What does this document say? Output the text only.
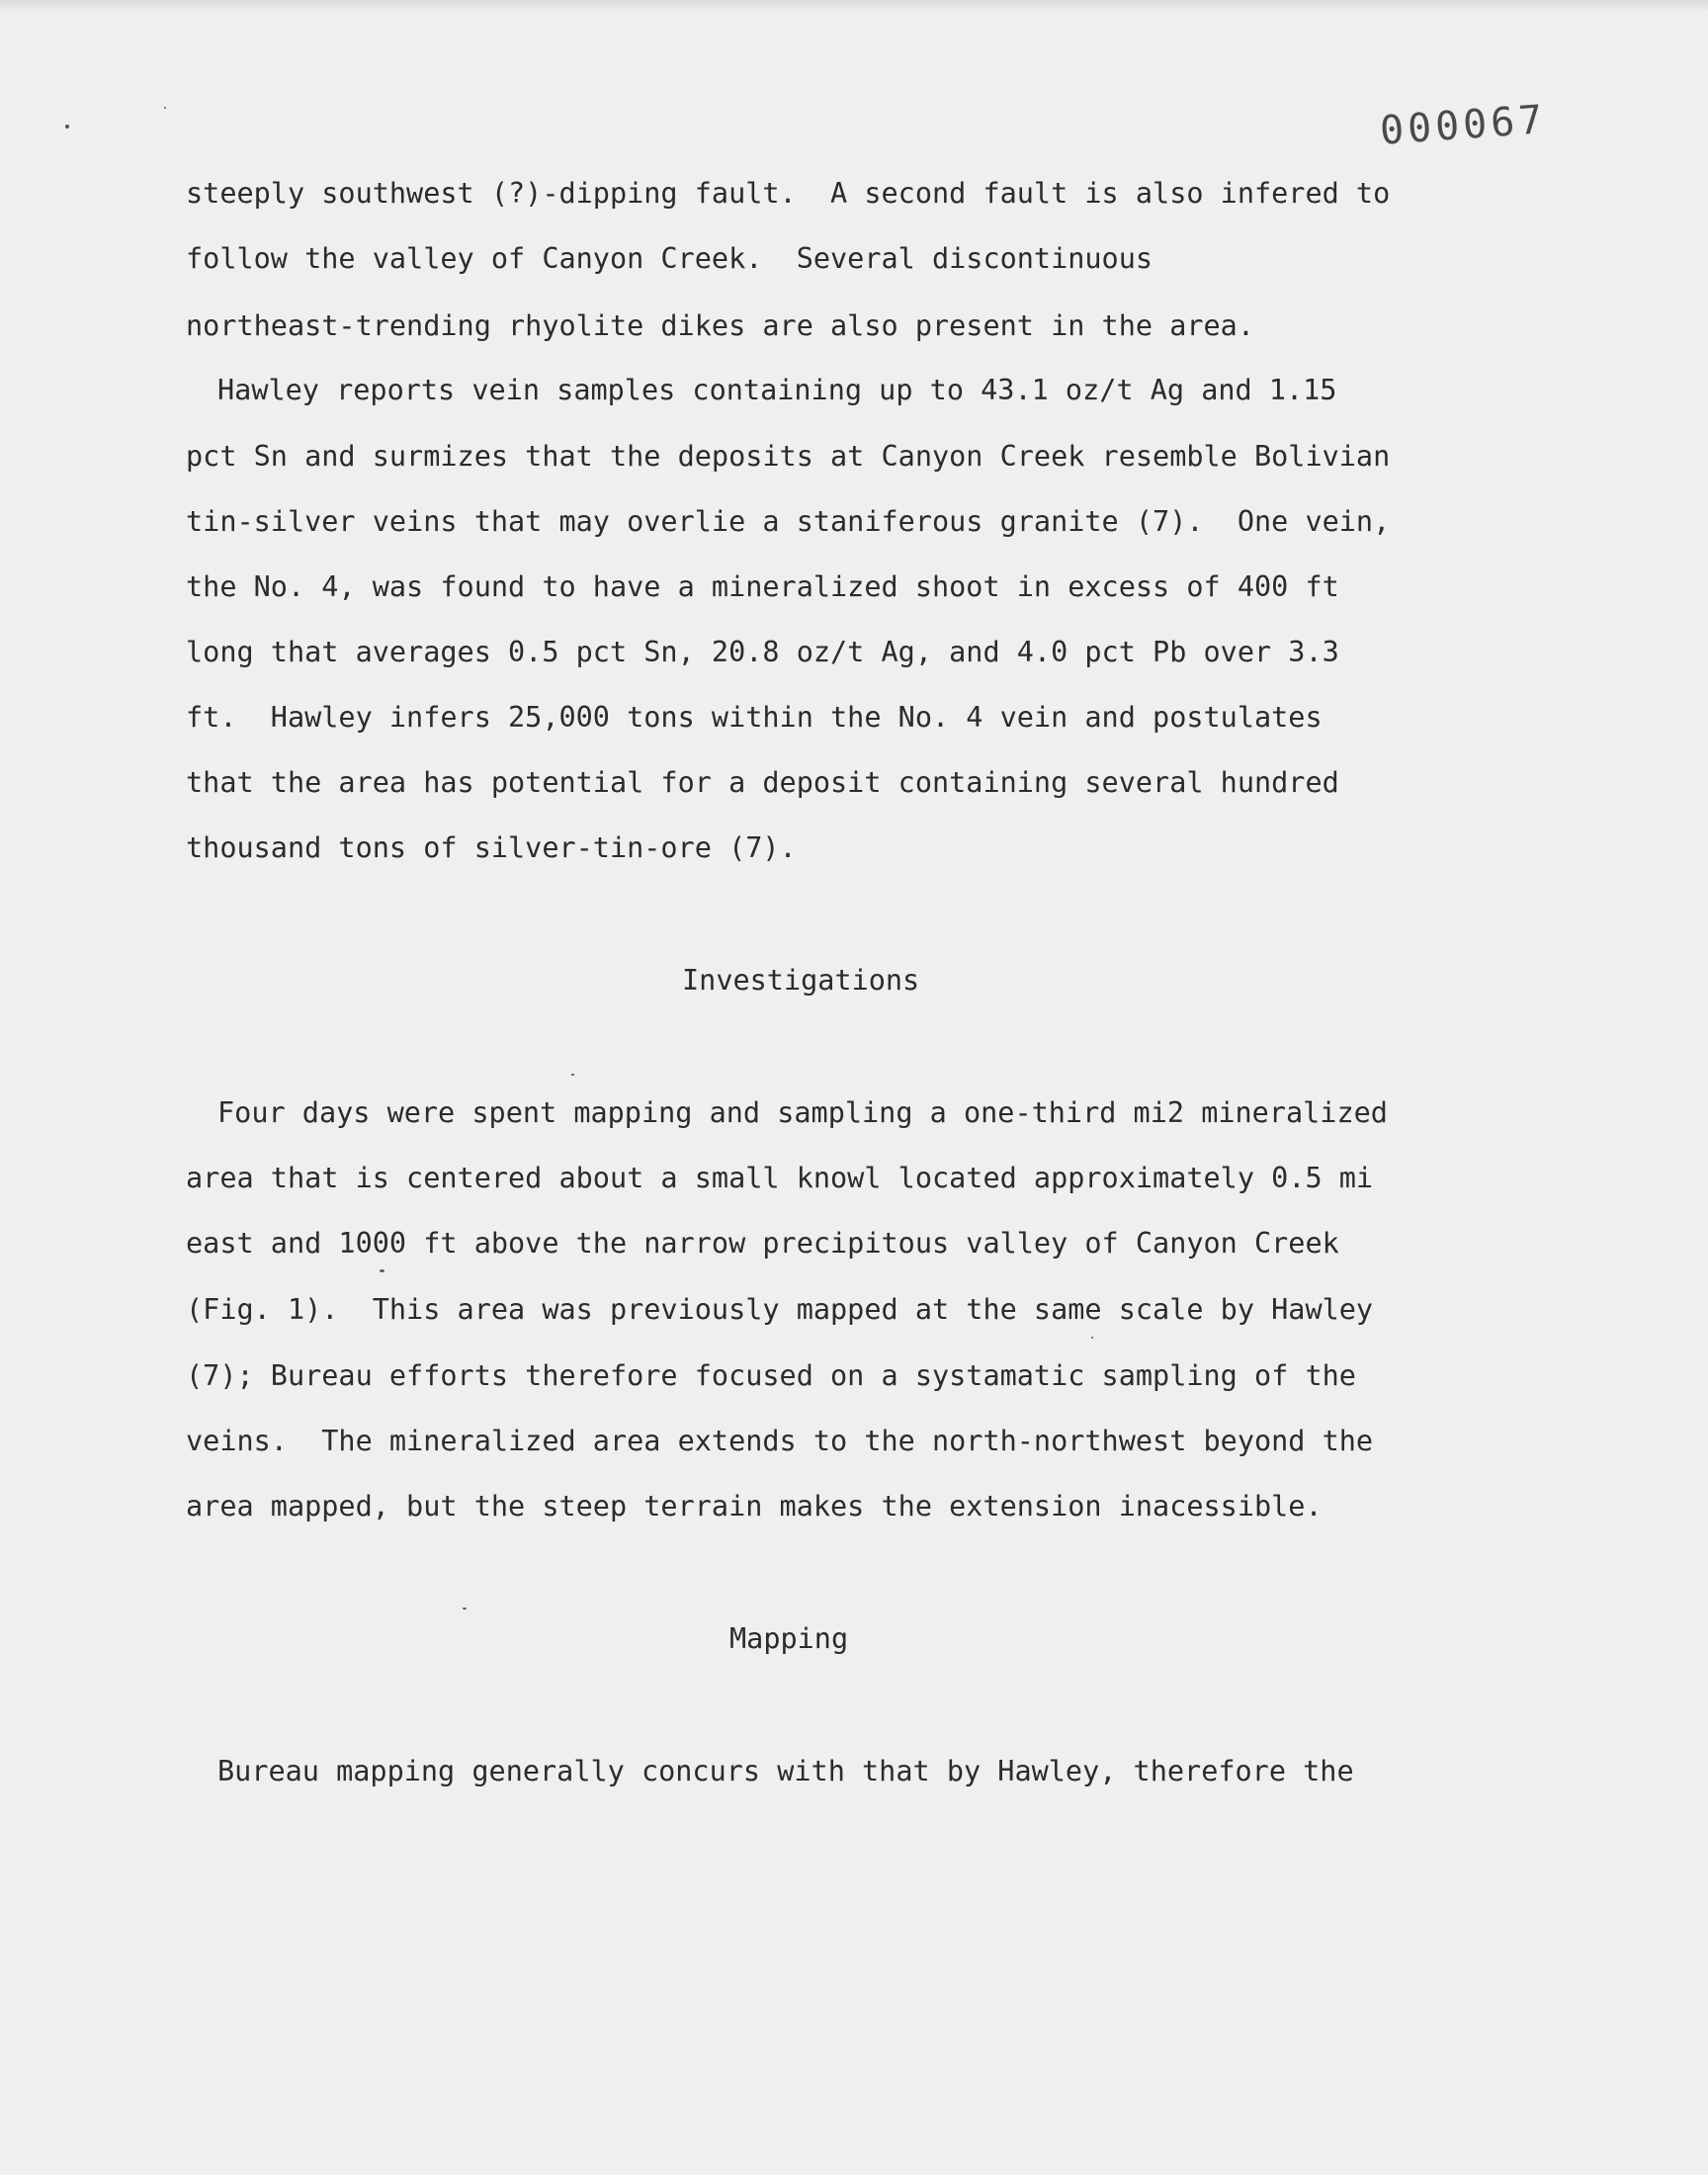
000067
steeply southwest (?)-dipping fault.  A second fault is also infered to
follow the valley of Canyon Creek.  Several discontinuous
northeast-trending rhyolite dikes are also present in the area.
Hawley reports vein samples containing up to 43.1 oz/t Ag and 1.15
pct Sn and surmizes that the deposits at Canyon Creek resemble Bolivian
tin-silver veins that may overlie a staniferous granite (7).  One vein,
the No. 4, was found to have a mineralized shoot in excess of 400 ft
long that averages 0.5 pct Sn, 20.8 oz/t Ag, and 4.0 pct Pb over 3.3
ft.  Hawley infers 25,000 tons within the No. 4 vein and postulates
that the area has potential for a deposit containing several hundred
thousand tons of silver-tin-ore (7).
Investigations
Four days were spent mapping and sampling a one-third mi2 mineralized
area that is centered about a small knowl located approximately 0.5 mi
east and 1000 ft above the narrow precipitous valley of Canyon Creek
(Fig. 1).  This area was previously mapped at the same scale by Hawley
(7); Bureau efforts therefore focused on a systamatic sampling of the
veins.  The mineralized area extends to the north-northwest beyond the
area mapped, but the steep terrain makes the extension inacessible.
Mapping
Bureau mapping generally concurs with that by Hawley, therefore the
